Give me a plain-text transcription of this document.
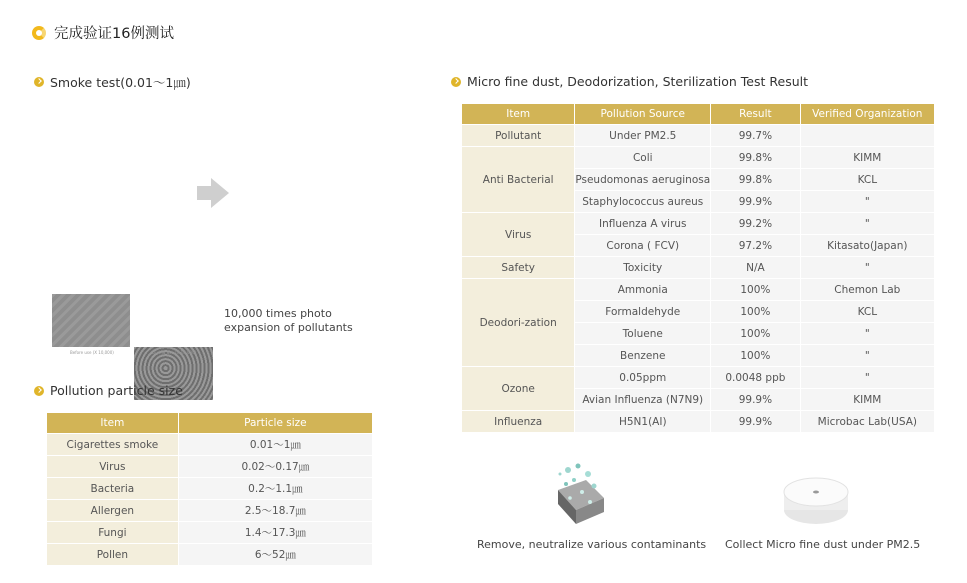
完成验证16例测试
Smoke test(0.01～1㎛)
Before use (X 10,000)	During use (X 10,000)
10,000 times photo expansion of pollutants
Pollution particle size
Item	Particle size
Cigarettes smoke	0.01～1㎛
Virus	0.02～0.17㎛
Bacteria	0.2～1.1㎛
Allergen	2.5～18.7㎛
Fungi	1.4～17.3㎛
Pollen	6～52㎛
Micro fine dust, Deodorization, Sterilization Test Result
Item	Pollution Source	Result	Verified Organization
Pollutant	Under PM2.5	99.7%	
Anti Bacterial	Coli	99.8%	KIMM
	Pseudomonas aeruginosa	99.8%	KCL
	Staphylococcus aureus	99.9%	"
Virus	Influenza A virus	99.2%	"
	Corona ( FCV)	97.2%	Kitasato(Japan)
Safety	Toxicity	N/A	"
Deodori-zation	Ammonia	100%	Chemon Lab
	Formaldehyde	100%	KCL
	Toluene	100%	"
	Benzene	100%	"
Ozone	0.05ppm	0.0048 ppb	"
	Avian Influenza (N7N9)	99.9%	KIMM
Influenza	H5N1(AI)	99.9%	Microbac Lab(USA)
Remove, neutralize various contaminants Collect Micro fine dust under PM2.5
